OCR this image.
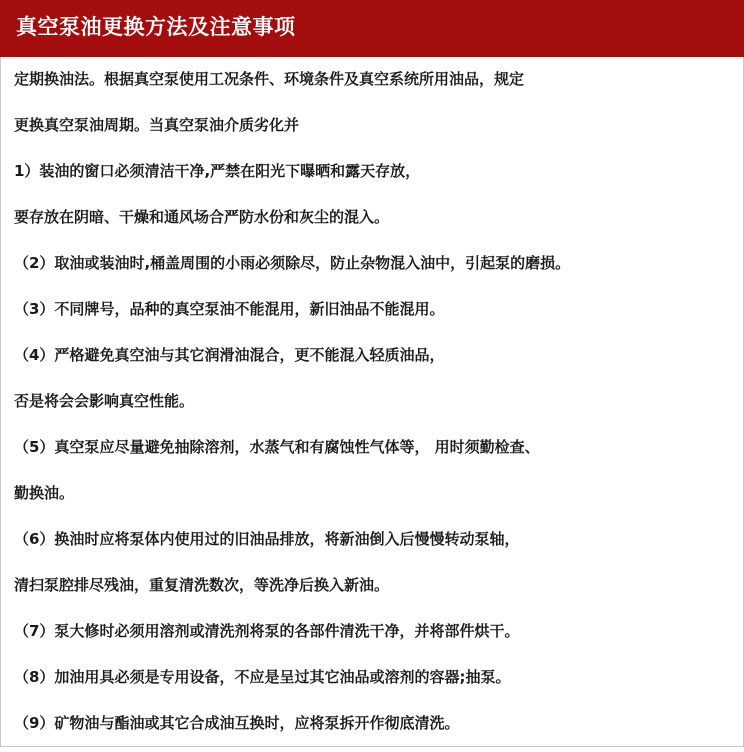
真空泵油更换方法及注意事项
定期换油法。根据真空泵使用工况条件、环境条件及真空系统所用油品，规定
更换真空泵油周期。当真空泵油介质劣化并
1）装油的窗口必须清洁干净,严禁在阳光下曝晒和露天存放，
要存放在阴暗、干燥和通风场合严防水份和灰尘的混入。
（2）取油或装油时,桶盖周围的小雨必须除尽，防止杂物混入油中，引起泵的磨损。
（3）不同牌号，品种的真空泵油不能混用，新旧油品不能混用。
（4）严格避免真空油与其它润滑油混合，更不能混入轻质油品，
否是将会会影响真空性能。
（5）真空泵应尽量避免抽除溶剂，水蒸气和有腐蚀性气体等， 用时须勤检查、
勤换油。
（6）换油时应将泵体内使用过的旧油品排放，将新油倒入后慢慢转动泵轴，
清扫泵腔排尽残油，重复清洗数次，等洗净后换入新油。
（7）泵大修时必须用溶剂或清洗剂将泵的各部件清洗干净，并将部件烘干。
（8）加油用具必须是专用设备，不应是呈过其它油品或溶剂的容器;抽泵。
（9）矿物油与酯油或其它合成油互换时，应将泵拆开作彻底清洗。
